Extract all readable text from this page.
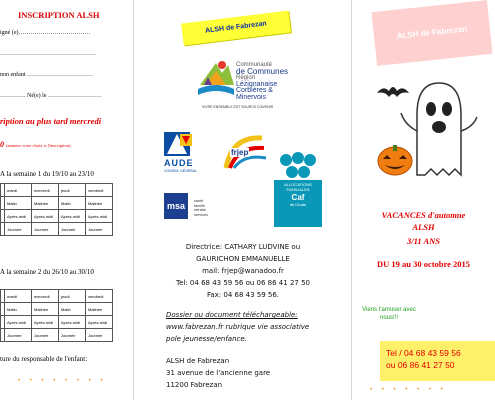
INSCRIPTION ALSH
igné (e)………………………………
…………………………………………
non enfant ……………………………
…………. Né(e) le ………………………
ription au plus tard mercredi
0 (annoter votre choix si l'inscription)
A la semaine 1 du 19/10 au 23/10
	mardi	mercredi	jeudi	vendredi
	Matin	Matinée	Matin	Matinée
	Après-midi	Après-midi	Après-midi	Après-midi
	Journée	Journée	Journée	Journée
A la semaine 2 du 26/10 au 30/10
	mardi	mercredi	jeudi	vendredi
	Matin	Matinée	Matin	Matinée
	Après-midi	Après-midi	Après-midi	Après-midi
	Journée	Journée	Journée	Journée
ture du responsable de l'enfant:
• • • • • • • •
ALSH de Fabrezan
Communauté
de Communes
Région
Lézignanaise
Corbières &
Minervois
VIVRE ENSEMBLE EST SOURCE D'AVENIR
AUDE
CONSEIL GÉNÉRAL
frjep
ALLOCATIONS FAMILIALES
Caf
de l'Aude
msa	santé
famille
retraite
services
Directrice: CATHARY LUDVINE ou
GAURICHON EMMANUELLE
mail: frjep@wanadoo.fr
Tel: 04 68 43 59 56 ou 06 86 41 27 50
Fax: 04 68 43 59 56.
Dossier ou document téléchargeable:
www.fabrezan.fr rubrique vie associative
pole jeunesse/enfance.
ALSH de Fabrezan
31 avenue de l'ancienne gare
11200 Fabrezan
ALSH de Fabrezan
VACANCES d'automne
ALSH
3/11 ANS
DU 19 au 30 octobre 2015
Viens t'amuser avec nous!!!
Tel / 04 68 43 59 56
ou 06 86 41 27 50
• • • • • • •
